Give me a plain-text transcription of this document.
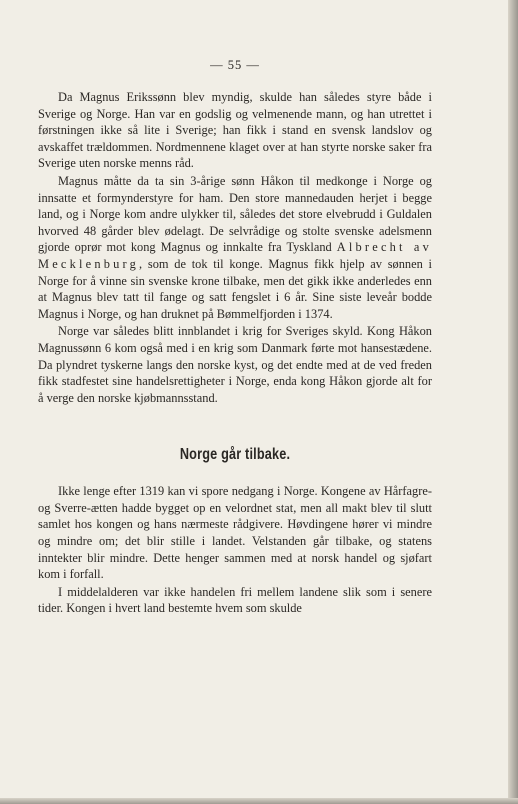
— 55 —

Da Magnus Erikssønn blev myndig, skulde han således styre både i Sverige og Norge. Han var en godslig og velmenende mann, og han utrettet i førstningen ikke så lite i Sverige; han fikk i stand en svensk landslov og avskaffet trældommen. Nordmennene klaget over at han styrte norske saker fra Sverige uten norske menns råd.

Magnus måtte da ta sin 3-årige sønn Håkon til medkonge i Norge og innsatte et formynderstyre for ham. Den store mannedauden herjet i begge land, og i Norge kom andre ulykker til, således det store elvebrudd i Guldalen hvorved 48 gårder blev ødelagt. De selvrådige og stolte svenske adelsmenn gjorde oprør mot kong Magnus og innkalte fra Tyskland Albrecht av Mecklenburg, som de tok til konge. Magnus fikk hjelp av sønnen i Norge for å vinne sin svenske krone tilbake, men det gikk ikke anderledes enn at Magnus blev tatt til fange og satt fengslet i 6 år. Sine siste leveår bodde Magnus i Norge, og han druknet på Bømmelfjorden i 1374.

Norge var således blitt innblandet i krig for Sveriges skyld. Kong Håkon Magnussønn 6 kom også med i en krig som Danmark førte mot hansestædene. Da plyndret tyskerne langs den norske kyst, og det endte med at de ved freden fikk stadfestet sine handelsrettigheter i Norge, enda kong Håkon gjorde alt for å verge den norske kjøbmannsstand.

Norge går tilbake.

Ikke lenge efter 1319 kan vi spore nedgang i Norge. Kongene av Hårfagre- og Sverre-ætten hadde bygget op en velordnet stat, men all makt blev til slutt samlet hos kongen og hans nærmeste rådgivere. Høvdingene hører vi mindre og mindre om; det blir stille i landet. Velstanden går tilbake, og statens inntekter blir mindre. Dette henger sammen med at norsk handel og sjøfart kom i forfall.

I middelalderen var ikke handelen fri mellem landene slik som i senere tider. Kongen i hvert land bestemte hvem som skulde
